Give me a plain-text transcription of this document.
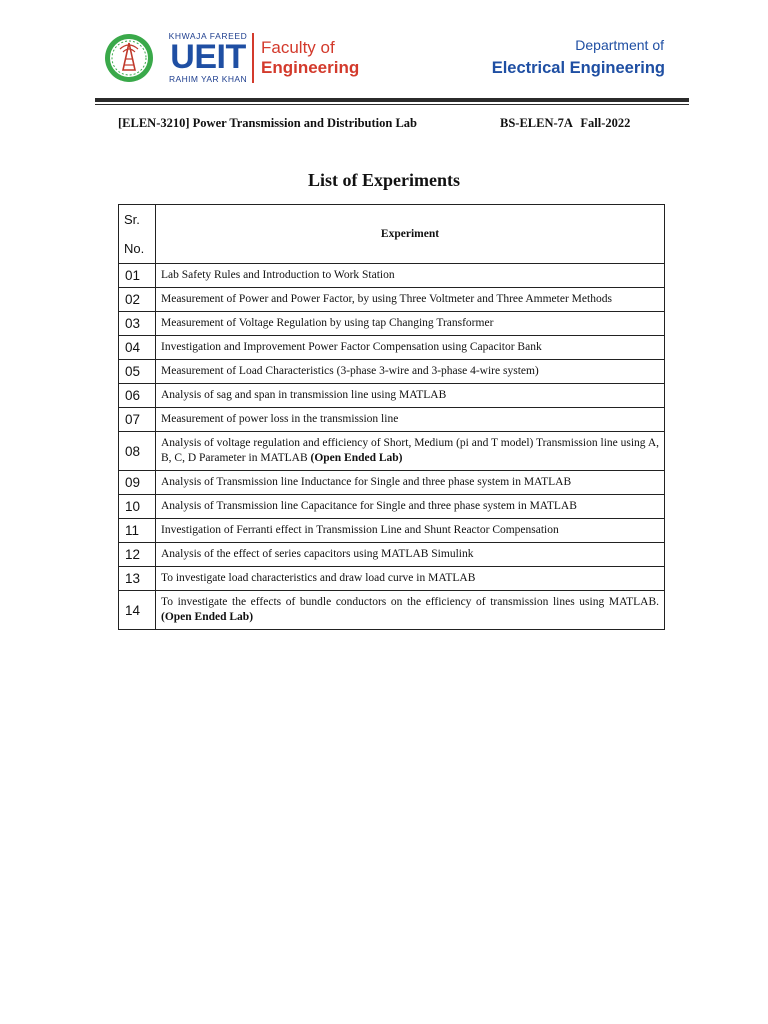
KHWAJA FAREED
UEIT
RAHIM YAR KHAN
Faculty of
Engineering
Department of
Electrical Engineering
[ELEN-3210] Power Transmission and Distribution Lab	BS-ELEN-7A Fall-2022
List of Experiments
Sr.
No.	Experiment
01	Lab Safety Rules and Introduction to Work Station
02	Measurement of Power and Power Factor, by using Three Voltmeter and Three Ammeter Methods
03	Measurement of Voltage Regulation by using tap Changing Transformer
04	Investigation and Improvement Power Factor Compensation using Capacitor Bank
05	Measurement of Load Characteristics (3-phase 3-wire and 3-phase 4-wire system)
06	Analysis of sag and span in transmission line using MATLAB
07	Measurement of power loss in the transmission line
08	Analysis of voltage regulation and efficiency of Short, Medium (pi and T model) Transmission line using A, B, C, D Parameter in MATLAB (Open Ended Lab)
09	Analysis of Transmission line Inductance for Single and three phase system in MATLAB
10	Analysis of Transmission line Capacitance for Single and three phase system in MATLAB
11	Investigation of Ferranti effect in Transmission Line and Shunt Reactor Compensation
12	Analysis of the effect of series capacitors using MATLAB Simulink
13	To investigate load characteristics and draw load curve in MATLAB
14	To investigate the effects of bundle conductors on the efficiency of transmission lines using MATLAB. (Open Ended Lab)
